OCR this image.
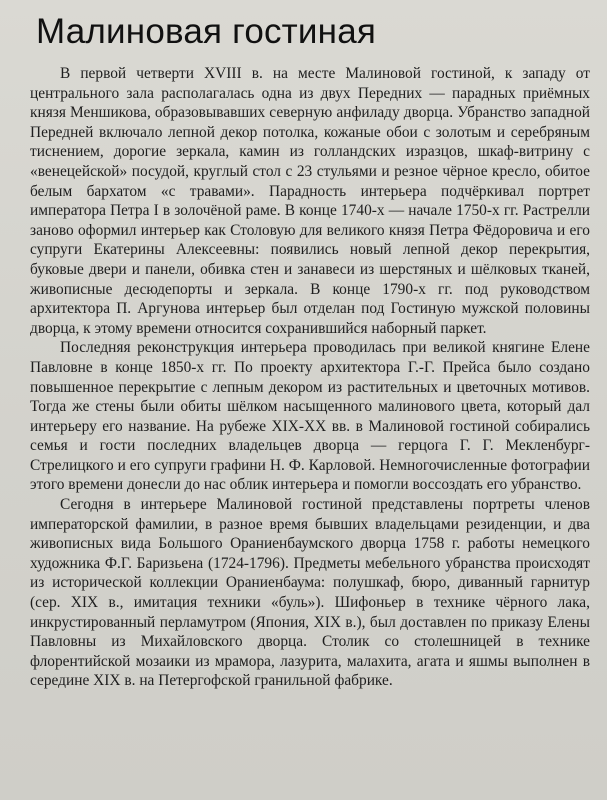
Малиновая гостиная

В первой четверти XVIII в. на месте Малиновой гостиной, к западу от центрального зала располагалась одна из двух Передних — парадных приёмных князя Меншикова, образовывавших северную анфиладу дворца. Убранство западной Передней включало лепной декор потолка, кожаные обои с золотым и серебряным тиснением, дорогие зеркала, камин из голландских изразцов, шкаф-витрину с «венецейской» посудой, круглый стол с 23 стульями и резное чёрное кресло, обитое белым бархатом «с травами». Парадность интерьера подчёркивал портрет императора Петра I в золочёной раме. В конце 1740-х — начале 1750-х гг. Растрелли заново оформил интерьер как Столовую для великого князя Петра Фёдоровича и его супруги Екатерины Алексеевны: появились новый лепной декор перекрытия, буковые двери и панели, обивка стен и занавеси из шерстяных и шёлковых тканей, живописные десюдепорты и зеркала. В конце 1790-х гг. под руководством архитектора П. Аргунова интерьер был отделан под Гостиную мужской половины дворца, к этому времени относится сохранившийся наборный паркет.

Последняя реконструкция интерьера проводилась при великой княгине Елене Павловне в конце 1850-х гг. По проекту архитектора Г.-Г. Прейса было создано повышенное перекрытие с лепным декором из растительных и цветочных мотивов. Тогда же стены были обиты шёлком насыщенного малинового цвета, который дал интерьеру его название. На рубеже XIX-XX вв. в Малиновой гостиной собирались семья и гости последних владельцев дворца — герцога Г. Г. Мекленбург-Стрелицкого и его супруги графини Н. Ф. Карловой. Немногочисленные фотографии этого времени донесли до нас облик интерьера и помогли воссоздать его убранство.

Сегодня в интерьере Малиновой гостиной представлены портреты членов императорской фамилии, в разное время бывших владельцами резиденции, и два живописных вида Большого Ораниенбаумского дворца 1758 г. работы немецкого художника Ф.Г. Баризьена (1724-1796). Предметы мебельного убранства происходят из исторической коллекции Ораниенбаума: полушкаф, бюро, диванный гарнитур (сер. XIX в., имитация техники «буль»). Шифоньер в технике чёрного лака, инкрустированный перламутром (Япония, XIX в.), был доставлен по приказу Елены Павловны из Михайловского дворца. Столик со столешницей в технике флорентийской мозаики из мрамора, лазурита, малахита, агата и яшмы выполнен в середине XIX в. на Петергофской гранильной фабрике.
